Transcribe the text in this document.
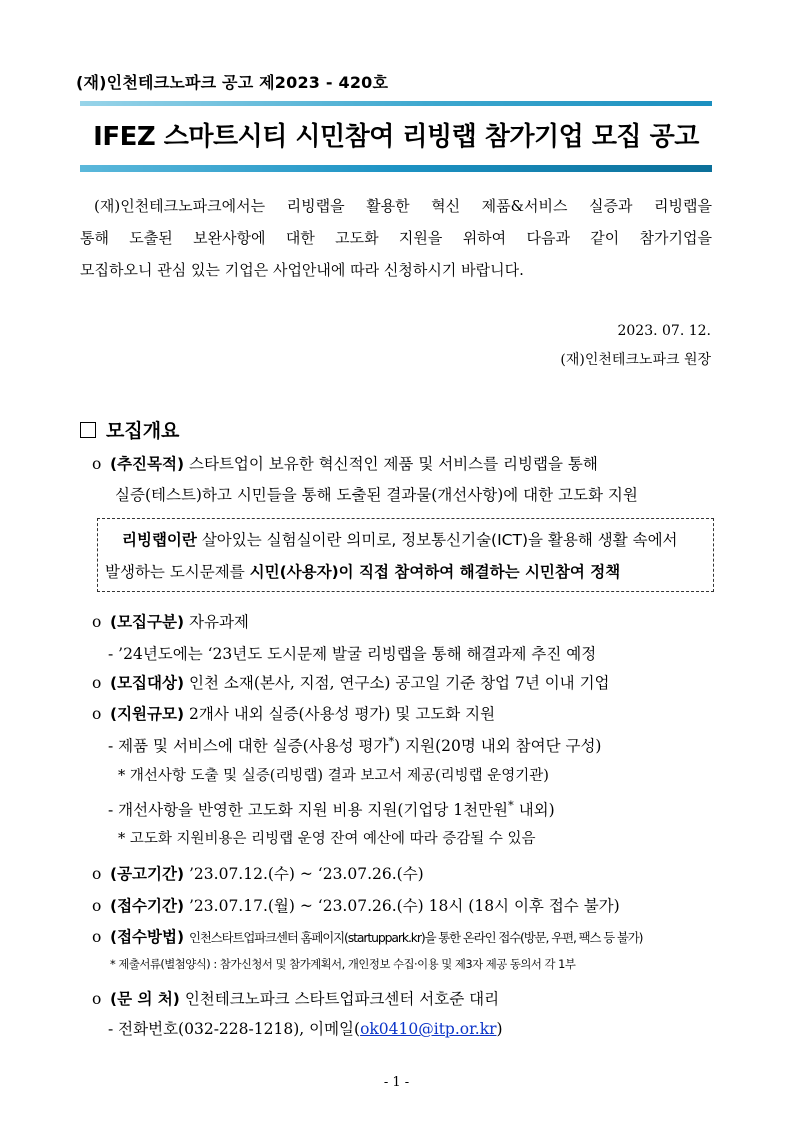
(재)인천테크노파크 공고 제2023 - 420호
IFEZ 스마트시티 시민참여 리빙랩 참가기업 모집 공고
(재)인천테크노파크에서는 리빙랩을 활용한 혁신 제품&서비스 실증과 리빙랩을
통해 도출된 보완사항에 대한 고도화 지원을 위하여 다음과 같이 참가기업을
모집하오니 관심 있는 기업은 사업안내에 따라 신청하시기 바랍니다.
2023. 07. 12.
(재)인천테크노파크 원장
모집개요
o (추진목적) 스타트업이 보유한 혁신적인 제품 및 서비스를 리빙랩을 통해
실증(테스트)하고 시민들을 통해 도출된 결과물(개선사항)에 대한 고도화 지원
리빙랩이란 살아있는 실험실이란 의미로, 정보통신기술(ICT)을 활용해 생활 속에서
발생하는 도시문제를 시민(사용자)이 직접 참여하여 해결하는 시민참여 정책
o (모집구분) 자유과제
- ’24년도에는 ‘23년도 도시문제 발굴 리빙랩을 통해 해결과제 추진 예정
o (모집대상) 인천 소재(본사, 지점, 연구소) 공고일 기준 창업 7년 이내 기업
o (지원규모) 2개사 내외 실증(사용성 평가) 및 고도화 지원
- 제품 및 서비스에 대한 실증(사용성 평가*) 지원(20명 내외 참여단 구성)
* 개선사항 도출 및 실증(리빙랩) 결과 보고서 제공(리빙랩 운영기관)
- 개선사항을 반영한 고도화 지원 비용 지원(기업당 1천만원* 내외)
* 고도화 지원비용은 리빙랩 운영 잔여 예산에 따라 증감될 수 있음
o (공고기간) ’23.07.12.(수) ~ ‘23.07.26.(수)
o (접수기간) ’23.07.17.(월) ~ ‘23.07.26.(수) 18시 (18시 이후 접수 불가)
o (접수방법) 인천스타트업파크센터 홈페이지(startuppark.kr)을 통한 온라인 접수(방문, 우편, 팩스 등 불가)
* 제출서류(별첨양식) : 참가신청서 및 참가계획서, 개인정보 수집·이용 및 제3자 제공 동의서 각 1부
o (문 의 처) 인천테크노파크 스타트업파크센터 서호준 대리
- 전화번호(032-228-1218), 이메일(ok0410@itp.or.kr)
- 1 -
